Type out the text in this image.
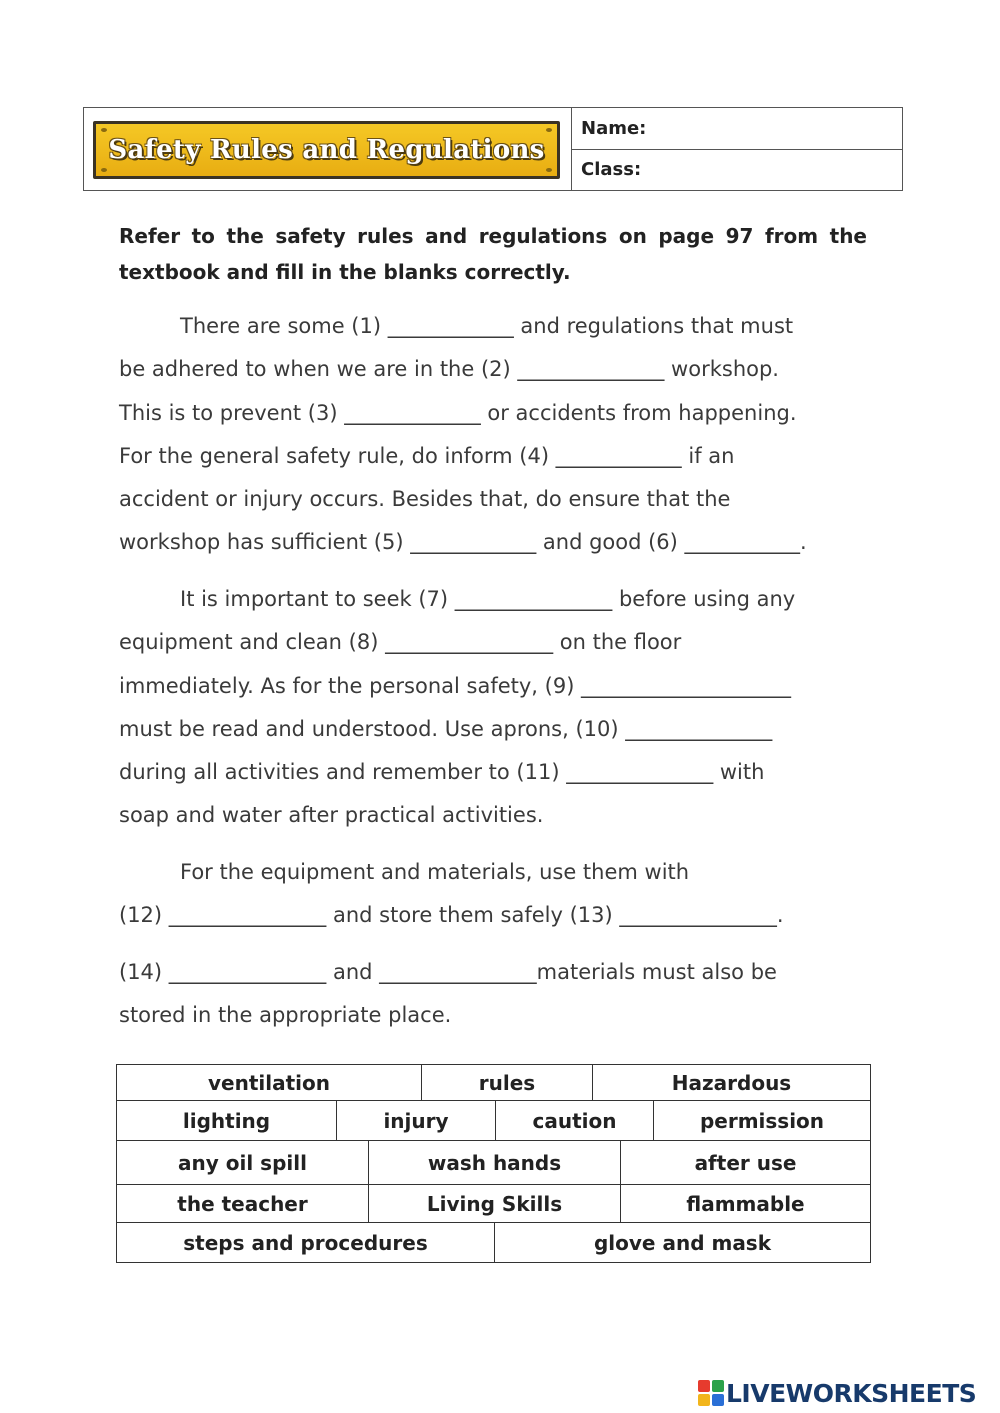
Safety Rules and Regulations
Name:
Class:
Refer to the safety rules and regulations on page 97 from the textbook and fill in the blanks correctly.
There are some (1) ____________ and regulations that must
be adhered to when we are in the (2) ______________ workshop.
This is to prevent (3) _____________ or accidents from happening.
For the general safety rule, do inform (4) ____________ if an
accident or injury occurs. Besides that, do ensure that the
workshop has sufficient (5) ____________ and good (6) ___________.
It is important to seek (7) _______________ before using any
equipment and clean (8) ________________ on the floor
immediately. As for the personal safety, (9) ____________________
must be read and understood. Use aprons, (10) ______________
during all activities and remember to (11) ______________ with
soap and water after practical activities.
For the equipment and materials, use them with
(12) _______________ and store them safely (13) _______________.
(14) _______________ and _______________materials must also be
stored in the appropriate place.
ventilation	rules	Hazardous
lighting	injury	caution	permission
any oil spill	wash hands	after use
the teacher	Living Skills	flammable
steps and procedures	glove and mask
LIVEWORKSHEETS
